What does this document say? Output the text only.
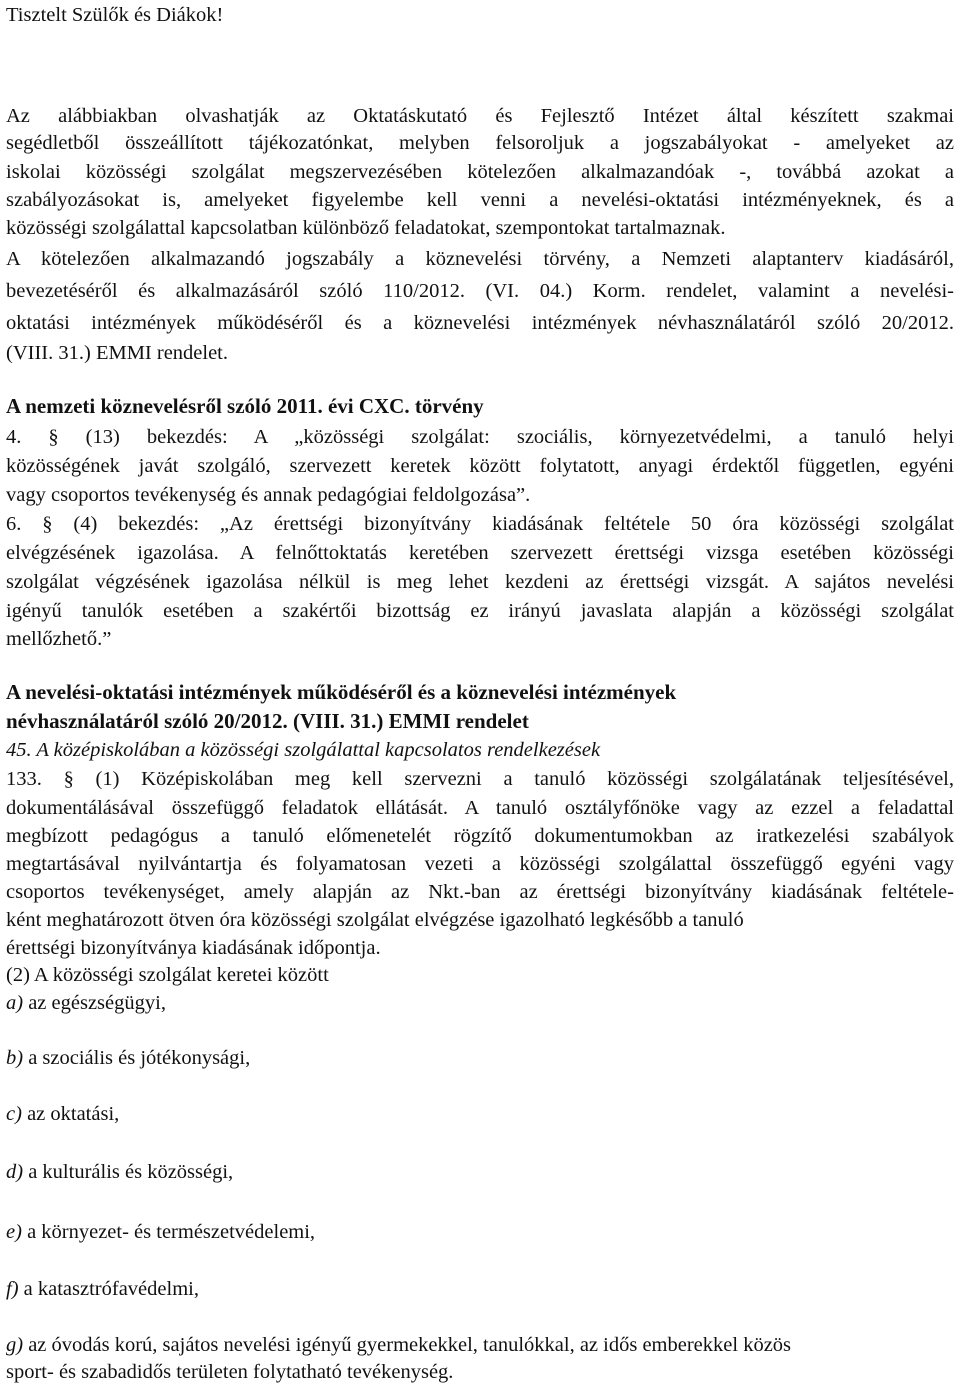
Tisztelt Szülők és Diákok!
Az alábbiakban olvashatják az Oktatáskutató és Fejlesztő Intézet által készített szakmai
segédletből összeállított tájékozatónkat, melyben felsoroljuk a jogszabályokat - amelyeket az
iskolai közösségi szolgálat megszervezésében kötelezően alkalmazandóak -, továbbá azokat a
szabályozásokat is, amelyeket figyelembe kell venni a nevelési-oktatási intézményeknek, és a
közösségi szolgálattal kapcsolatban különböző feladatokat, szempontokat tartalmaznak.
A kötelezően alkalmazandó jogszabály a köznevelési törvény, a Nemzeti alaptanterv kiadásáról,
bevezetéséről és alkalmazásáról szóló 110/2012. (VI. 04.) Korm. rendelet, valamint a nevelési-
oktatási intézmények működéséről és a köznevelési intézmények névhasználatáról szóló 20/2012.
(VIII. 31.) EMMI rendelet.
A nemzeti köznevelésről szóló 2011. évi CXC. törvény
4. § (13) bekezdés: A „közösségi szolgálat: szociális, környezetvédelmi, a tanuló helyi
közösségének javát szolgáló, szervezett keretek között folytatott, anyagi érdektől független, egyéni
vagy csoportos tevékenység és annak pedagógiai feldolgozása”.
6. § (4) bekezdés: „Az érettségi bizonyítvány kiadásának feltétele 50 óra közösségi szolgálat
elvégzésének igazolása. A felnőttoktatás keretében szervezett érettségi vizsga esetében közösségi
szolgálat végzésének igazolása nélkül is meg lehet kezdeni az érettségi vizsgát. A sajátos nevelési
igényű tanulók esetében a szakértői bizottság ez irányú javaslata alapján a közösségi szolgálat
mellőzhető.”
A nevelési-oktatási intézmények működéséről és a köznevelési intézmények
névhasználatáról szóló 20/2012. (VIII. 31.) EMMI rendelet
45. A középiskolában a közösségi szolgálattal kapcsolatos rendelkezések
133. § (1) Középiskolában meg kell szervezni a tanuló közösségi szolgálatának teljesítésével,
dokumentálásával összefüggő feladatok ellátását. A tanuló osztályfőnöke vagy az ezzel a feladattal
megbízott pedagógus a tanuló előmenetelét rögzítő dokumentumokban az iratkezelési szabályok
megtartásával nyilvántartja és folyamatosan vezeti a közösségi szolgálattal összefüggő egyéni vagy
csoportos tevékenységet, amely alapján az Nkt.-ban az érettségi bizonyítvány kiadásának feltétele-
ként meghatározott ötven óra közösségi szolgálat elvégzése igazolható legkésőbb a tanuló
érettségi bizonyítványa kiadásának időpontja.
(2) A közösségi szolgálat keretei között
a) az egészségügyi,
b) a szociális és jótékonysági,
c) az oktatási,
d) a kulturális és közösségi,
e) a környezet- és természetvédelemi,
f) a katasztrófavédelmi,
g) az óvodás korú, sajátos nevelési igényű gyermekekkel, tanulókkal, az idős emberekkel közös
sport- és szabadidős területen folytatható tevékenység.
